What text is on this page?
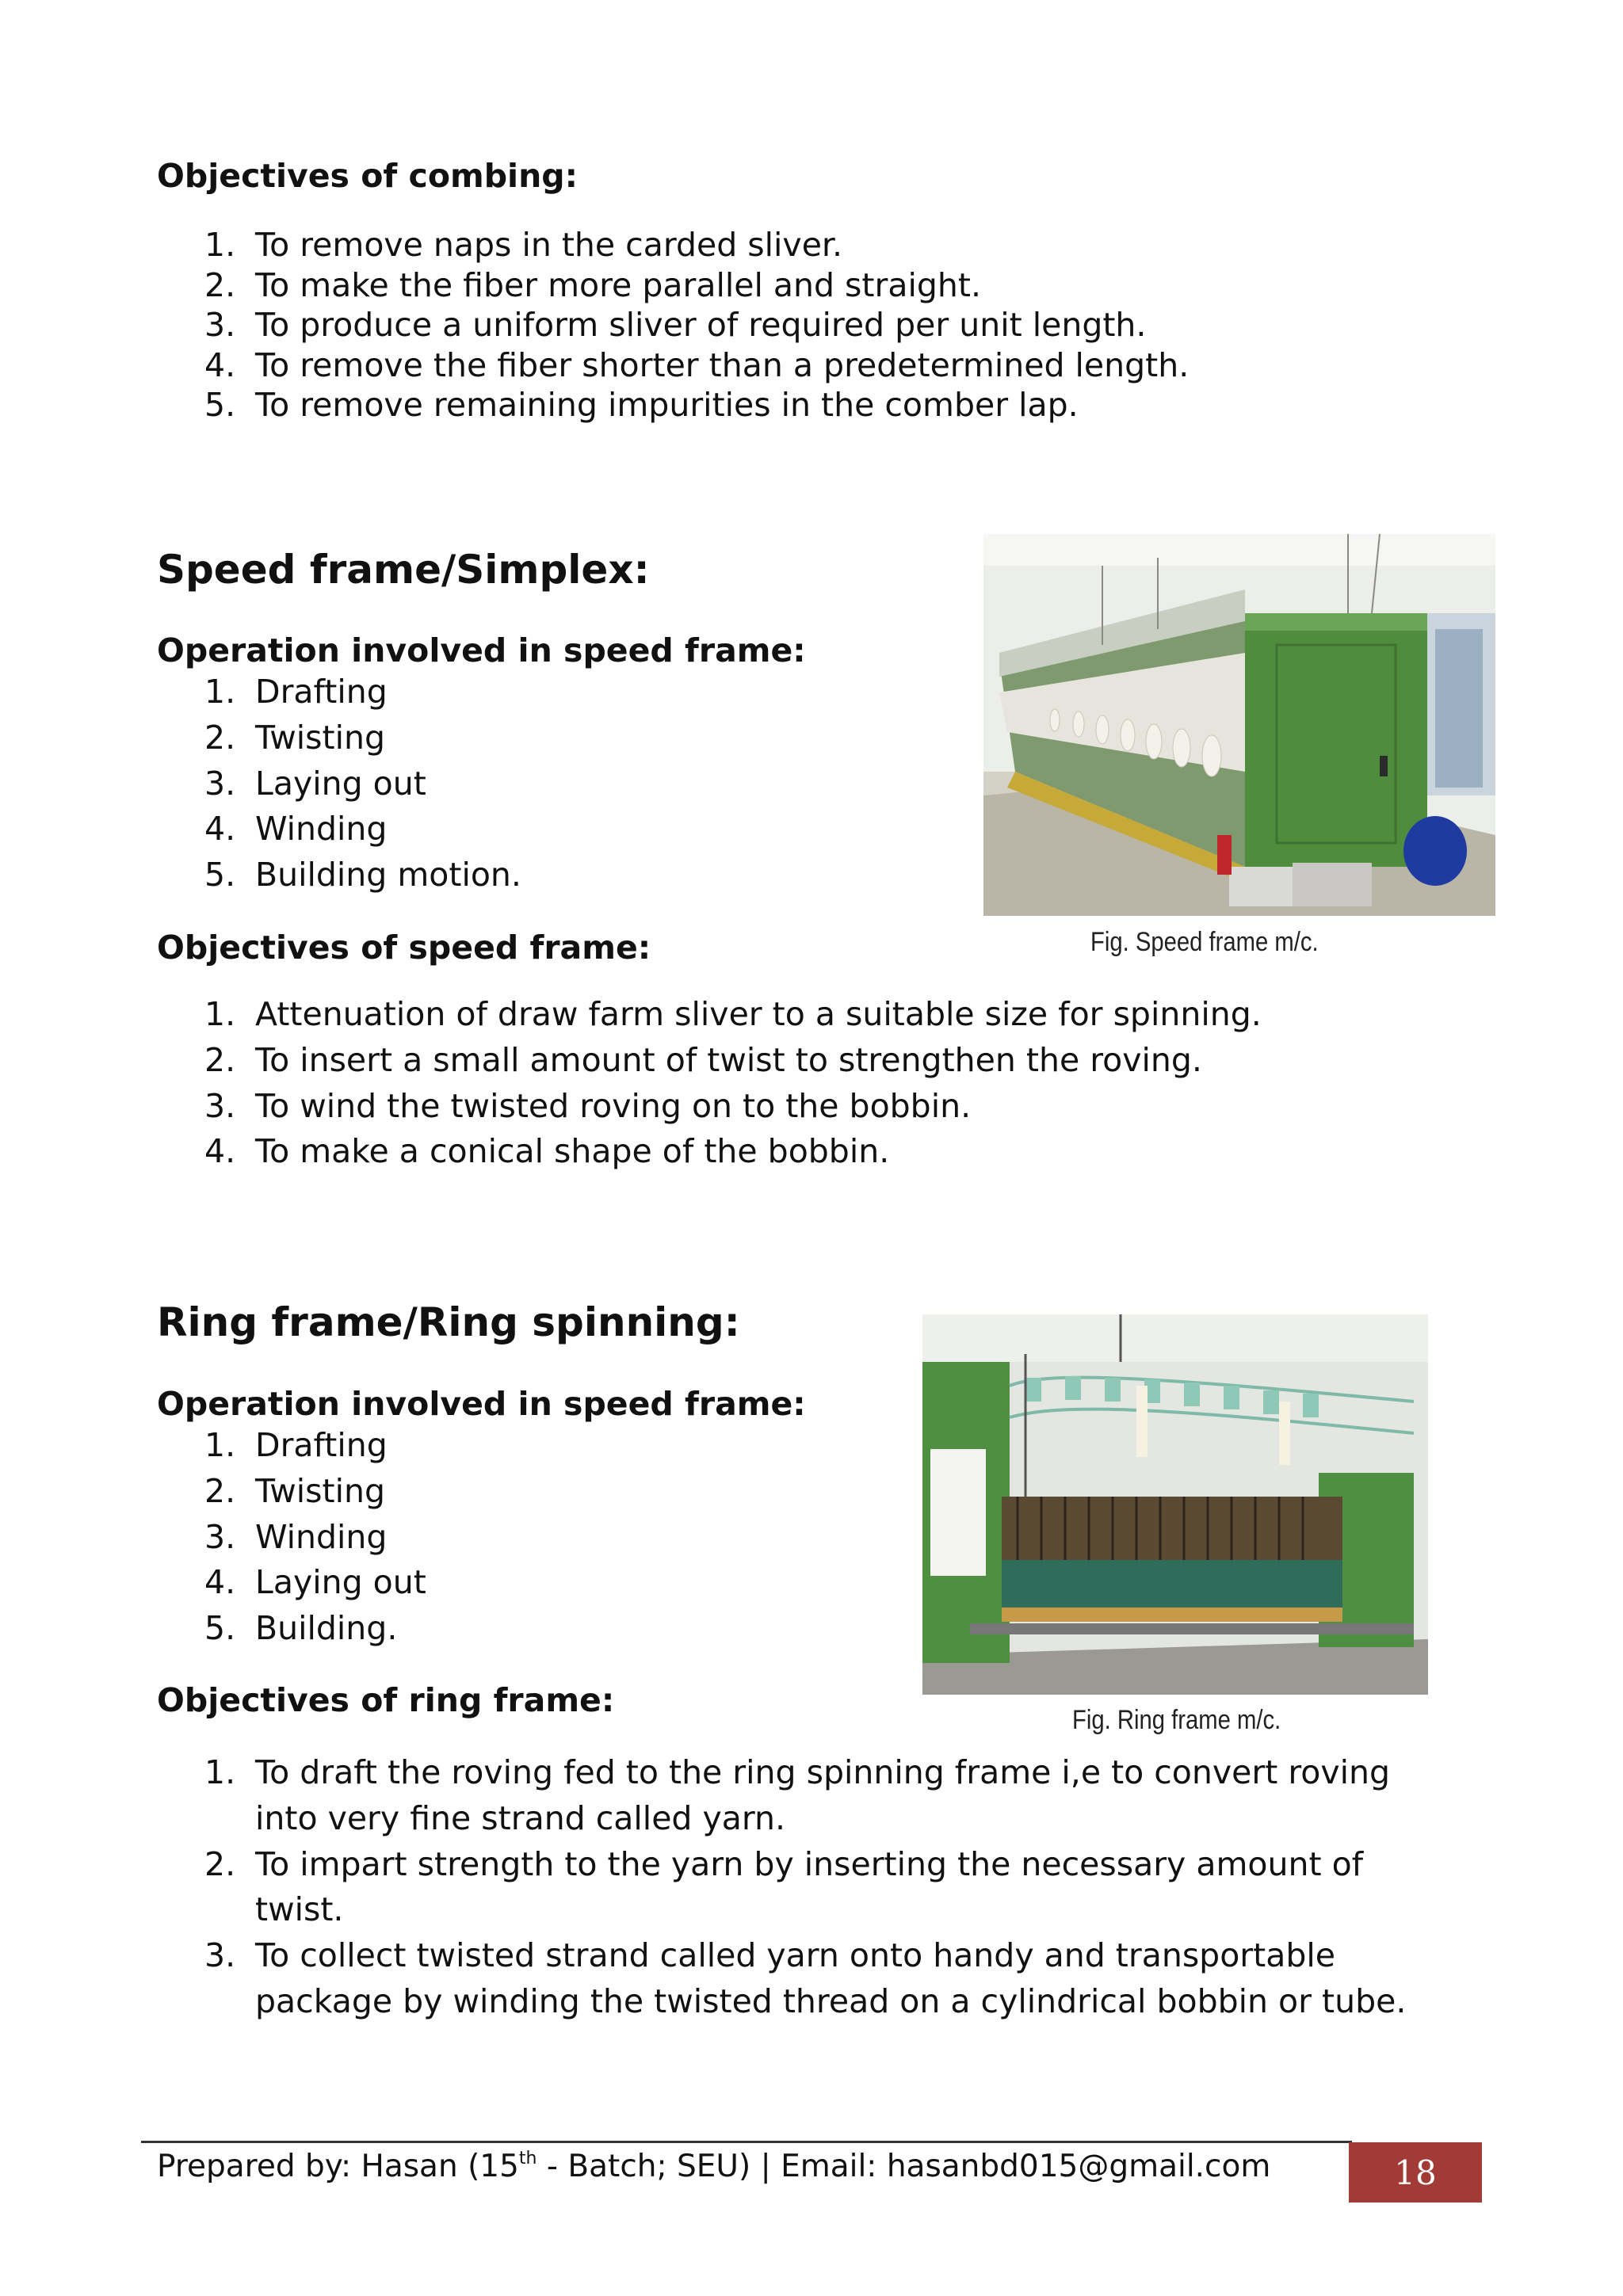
Objectives of combing:
1. To remove naps in the carded sliver.
2. To make the fiber more parallel and straight.
3. To produce a uniform sliver of required per unit length.
4. To remove the fiber shorter than a predetermined length.
5. To remove remaining impurities in the comber lap.
Speed frame/Simplex:
Operation involved in speed frame:
1. Drafting
2. Twisting
3. Laying out
4. Winding
5. Building motion.
Fig. Speed frame m/c.
Objectives of speed frame:
1. Attenuation of draw farm sliver to a suitable size for spinning.
2. To insert a small amount of twist to strengthen the roving.
3. To wind the twisted roving on to the bobbin.
4. To make a conical shape of the bobbin.
Ring frame/Ring spinning:
Operation involved in speed frame:
1. Drafting
2. Twisting
3. Winding
4. Laying out
5. Building.
Fig. Ring frame m/c.
Objectives of ring frame:
1. To draft the roving fed to the ring spinning frame i,e to convert roving
into very fine strand called yarn.
2. To impart strength to the yarn by inserting the necessary amount of
twist.
3. To collect twisted strand called yarn onto handy and transportable
package by winding the twisted thread on a cylindrical bobbin or tube.
Prepared by: Hasan (15th - Batch; SEU) | Email: hasanbd015@gmail.com	18
